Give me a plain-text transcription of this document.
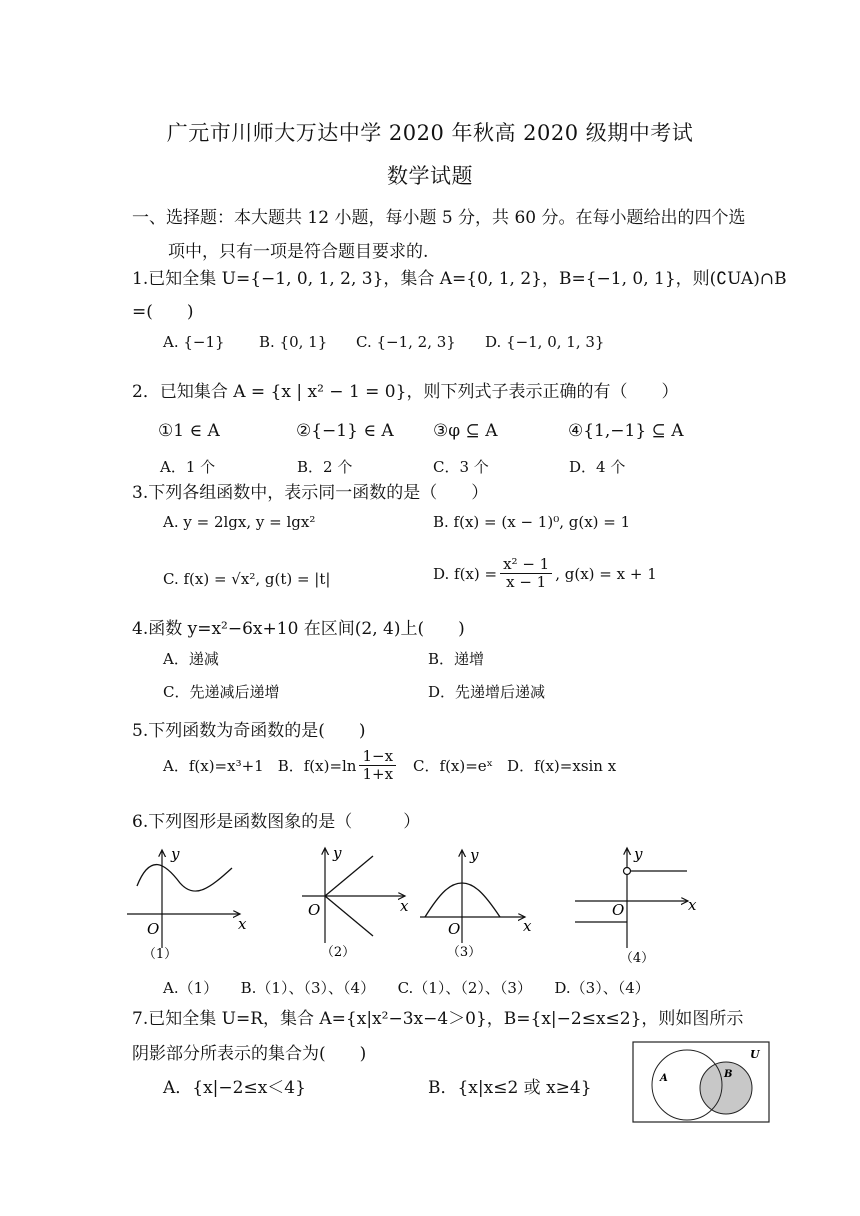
广元市川师大万达中学 2020 年秋高 2020 级期中考试
数学试题
一、选择题：本大题共 12 小题，每小题 5 分，共 60 分。在每小题给出的四个选
项中，只有一项是符合题目要求的.
1.已知全集 U={−1, 0, 1, 2, 3}，集合 A={0, 1, 2}，B={−1, 0, 1}，则(∁UA)∩B
=(　　)
A. {−1} B. {0, 1} C. {−1, 2, 3} D. {−1, 0, 1, 3}
2．已知集合 A = {x | x² − 1 = 0}，则下列式子表示正确的有（　　）
①1 ∈ A	②{−1} ∈ A ③φ ⊆ A	④{1,−1} ⊆ A
A．1 个	B．2 个	C．3 个	D．4 个
3.下列各组函数中，表示同一函数的是（　　）
A. y = 2lgx, y = lgx²	B. f(x) = (x − 1)⁰, g(x) = 1
C. f(x) = √x², g(t) = |t|	D. $f(x) = \frac{\text{x² − 1}}{x - 1}$ , g(x) = x + 1
4.函数 y=x²−6x+10 在区间(2, 4)上(　　)
A．递减	B．递增
C．先递减后递增	D．先递增后递减
5.下列函数为奇函数的是(　　)
A．f(x)=x³+1 B．$f(x)=\ln \frac{1-x}{1+x}$ C．f(x)=eˣ D．f(x)=xsin x
6.下列图形是函数图象的是（　　　）
y
x
O
（1）
y
x
O
（2）
y
x
O
（3）
y
x
O
（4）
A.（1）　　B.（1）、（3）、（4）　　C.（1）、（2）、（3）　　D.（3）、（4）
7.已知全集 U=R，集合 A={x|x²−3x−4＞0}，B={x|−2≤x≤2}，则如图所示
阴影部分所表示的集合为(　　)
A．{x|−2≤x＜4}	B．{x|x≤2 或 x≥4}
U
A	B
